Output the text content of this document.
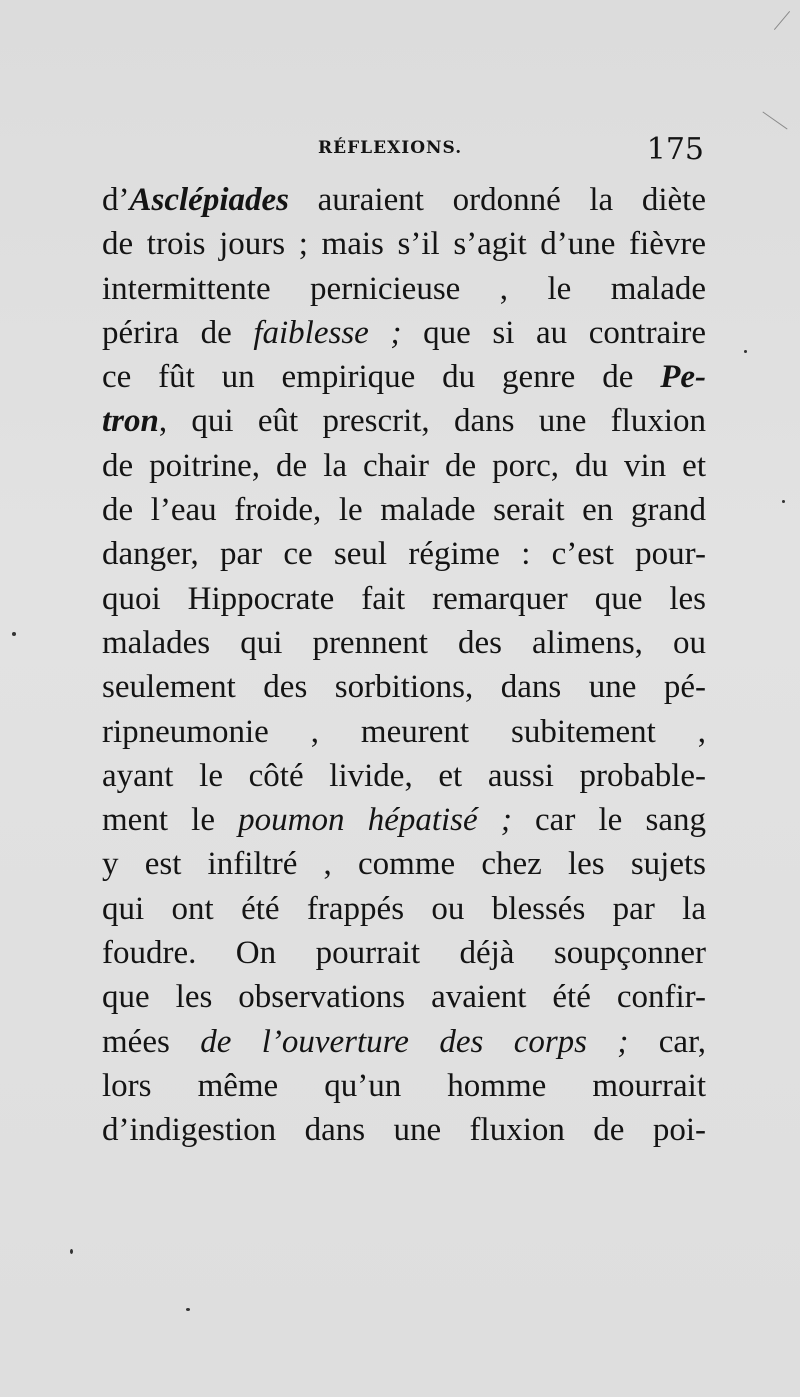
RÉFLEXIONS.	175
d’Asclépiades auraient ordonné la diète
de trois jours ; mais s’il s’agit d’une fièvre
intermittente pernicieuse , le malade
périra de faiblesse ; que si au contraire
ce fût un empirique du genre de Pe-
tron, qui eût prescrit, dans une fluxion
de poitrine, de la chair de porc, du vin et
de l’eau froide, le malade serait en grand
danger, par ce seul régime : c’est pour-
quoi Hippocrate fait remarquer que les
malades qui prennent des alimens, ou
seulement des sorbitions, dans une pé-
ripneumonie , meurent subitement ,
ayant le côté livide, et aussi probable-
ment le poumon hépatisé ; car le sang
y est infiltré , comme chez les sujets
qui ont été frappés ou blessés par la
foudre. On pourrait déjà soupçonner
que les observations avaient été confir-
mées de l’ouverture des corps ; car,
lors même qu’un homme mourrait
d’indigestion dans une fluxion de poi-
